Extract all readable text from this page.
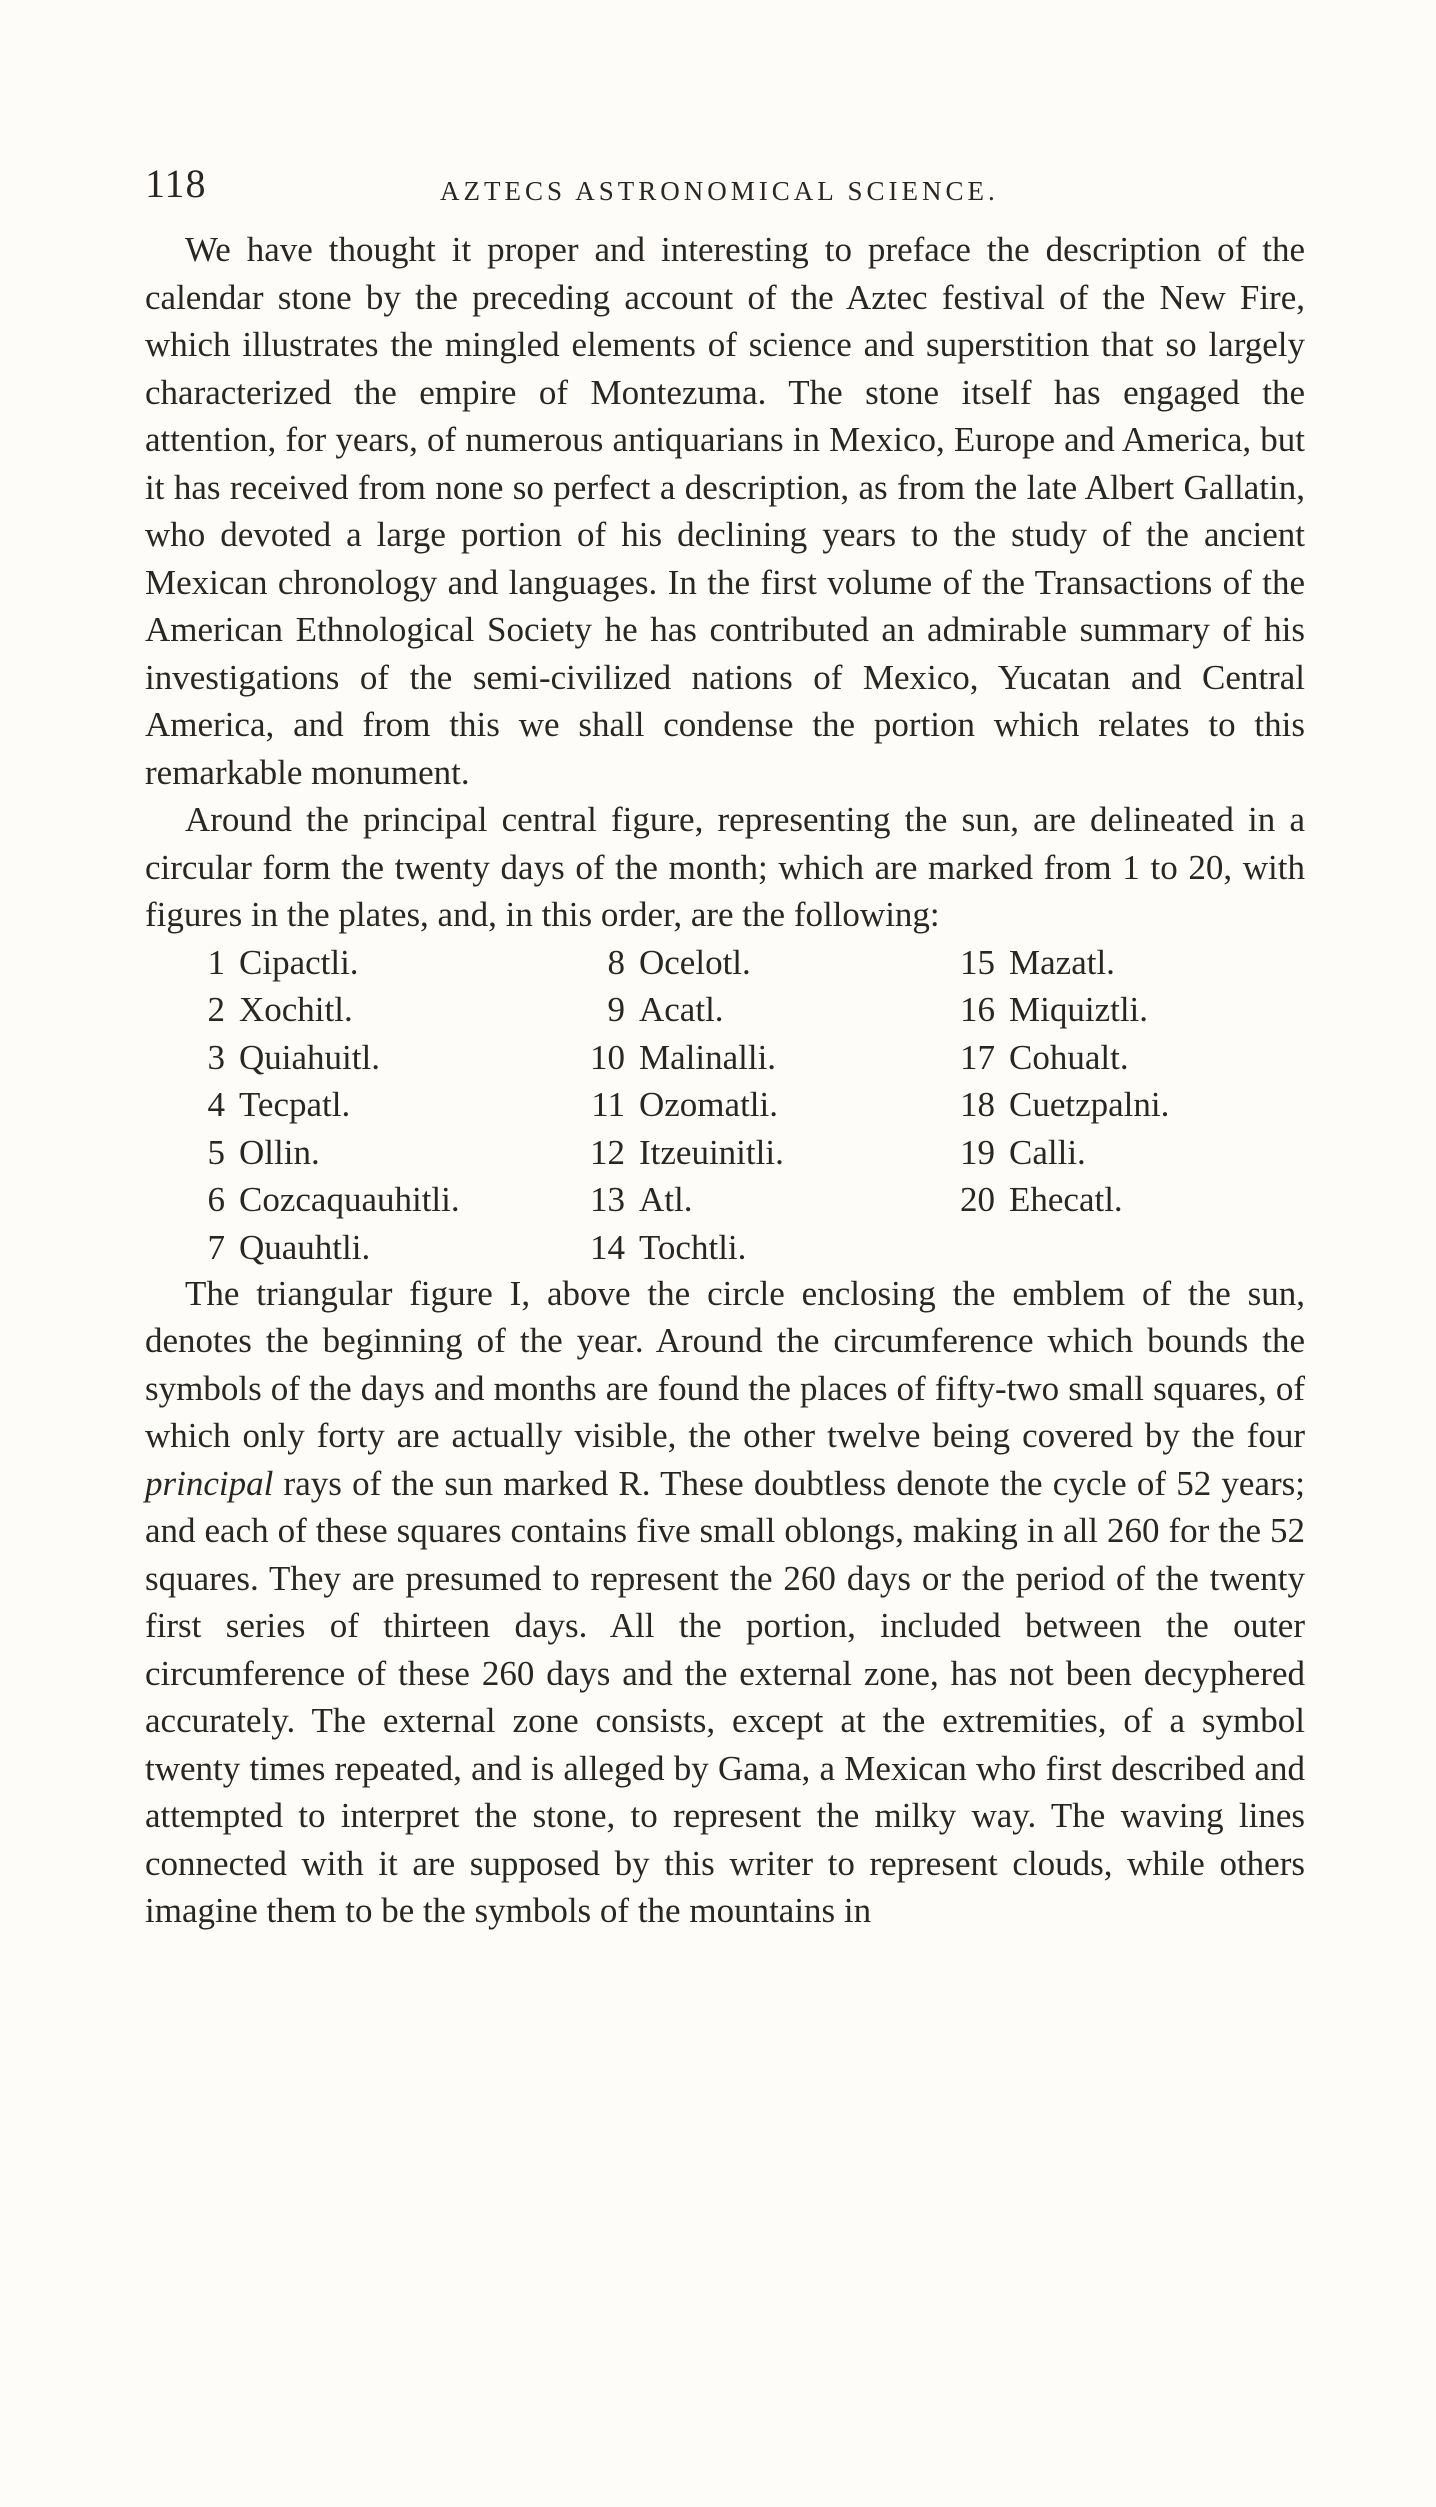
118	AZTECS ASTRONOMICAL SCIENCE.

We have thought it proper and interesting to preface the description of the calendar stone by the preceding account of the Aztec festival of the New Fire, which illustrates the mingled elements of science and superstition that so largely characterized the empire of Montezuma. The stone itself has engaged the attention, for years, of numerous antiquarians in Mexico, Europe and America, but it has received from none so perfect a description, as from the late Albert Gallatin, who devoted a large portion of his declining years to the study of the ancient Mexican chronology and languages. In the first volume of the Transactions of the American Ethnological Society he has contributed an admirable summary of his investigations of the semi-civilized nations of Mexico, Yucatan and Central America, and from this we shall condense the portion which relates to this remarkable monument.

Around the principal central figure, representing the sun, are delineated in a circular form the twenty days of the month; which are marked from 1 to 20, with figures in the plates, and, in this order, are the following:

1 Cipactli.
2 Xochitl.
3 Quiahuitl.
4 Tecpatl.
5 Ollin.
6 Cozcaquauhitli.
7 Quauhtli.
8 Ocelotl.
9 Acatl.
10 Malinalli.
11 Ozomatli.
12 Itzeuinitli.
13 Atl.
14 Tochtli.
15 Mazatl.
16 Miquiztli.
17 Cohualt.
18 Cuetzpalni.
19 Calli.
20 Ehecatl.

The triangular figure I, above the circle enclosing the emblem of the sun, denotes the beginning of the year. Around the circumference which bounds the symbols of the days and months are found the places of fifty-two small squares, of which only forty are actually visible, the other twelve being covered by the four principal rays of the sun marked R. These doubtless denote the cycle of 52 years; and each of these squares contains five small oblongs, making in all 260 for the 52 squares. They are presumed to represent the 260 days or the period of the twenty first series of thirteen days. All the portion, included between the outer circumference of these 260 days and the external zone, has not been decyphered accurately. The external zone consists, except at the extremities, of a symbol twenty times repeated, and is alleged by Gama, a Mexican who first described and attempted to interpret the stone, to represent the milky way. The waving lines connected with it are supposed by this writer to represent clouds, while others imagine them to be the symbols of the mountains in
